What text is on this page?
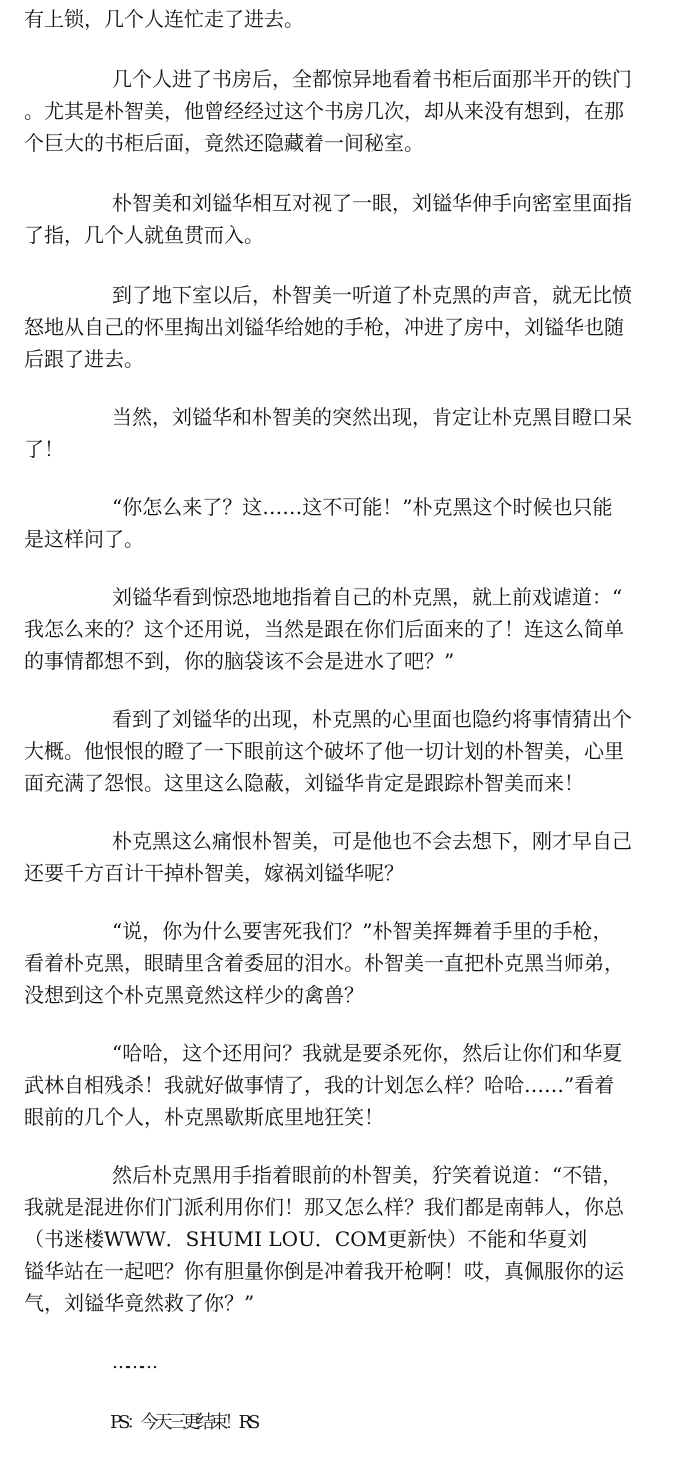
有上锁，几个人连忙走了进去。
几个人进了书房后，全都惊异地看着书柜后面那半开的铁门
。尤其是朴智美，他曾经经过这个书房几次，却从来没有想到，在那
个巨大的书柜后面，竟然还隐藏着一间秘室。
朴智美和刘镒华相互对视了一眼，刘镒华伸手向密室里面指
了指，几个人就鱼贯而入。
到了地下室以后，朴智美一听道了朴克黑的声音，就无比愤
怒地从自己的怀里掏出刘镒华给她的手枪，冲进了房中，刘镒华也随
后跟了进去。
当然，刘镒华和朴智美的突然出现，肯定让朴克黑目瞪口呆
了！
“你怎么来了？这……这不可能！”朴克黑这个时候也只能
是这样问了。
刘镒华看到惊恐地地指着自己的朴克黑，就上前戏谑道：“
我怎么来的？这个还用说，当然是跟在你们后面来的了！连这么简单
的事情都想不到，你的脑袋该不会是进水了吧？”
看到了刘镒华的出现，朴克黑的心里面也隐约将事情猜出个
大概。他恨恨的瞪了一下眼前这个破坏了他一切计划的朴智美，心里
面充满了怨恨。这里这么隐蔽，刘镒华肯定是跟踪朴智美而来！
朴克黑这么痛恨朴智美，可是他也不会去想下，刚才早自己
还要千方百计干掉朴智美，嫁祸刘镒华呢？
“说，你为什么要害死我们？”朴智美挥舞着手里的手枪，
看着朴克黑，眼睛里含着委屈的泪水。朴智美一直把朴克黑当师弟，
没想到这个朴克黑竟然这样少的禽兽？
“哈哈，这个还用问？我就是要杀死你，然后让你们和华夏
武林自相残杀！我就好做事情了，我的计划怎么样？哈哈……”看着
眼前的几个人，朴克黑歇斯底里地狂笑！
然后朴克黑用手指着眼前的朴智美，狞笑着说道：“不错，
我就是混进你们门派利用你们！那又怎么样？我们都是南韩人，你总
（书迷楼WWW．SHUMI LOU．COM更新快）不能和华夏刘
镒华站在一起吧？你有胆量你倒是冲着我开枪啊！哎，真佩服你的运
气，刘镒华竟然救了你？”
………
PS：今天三更结束！RS
